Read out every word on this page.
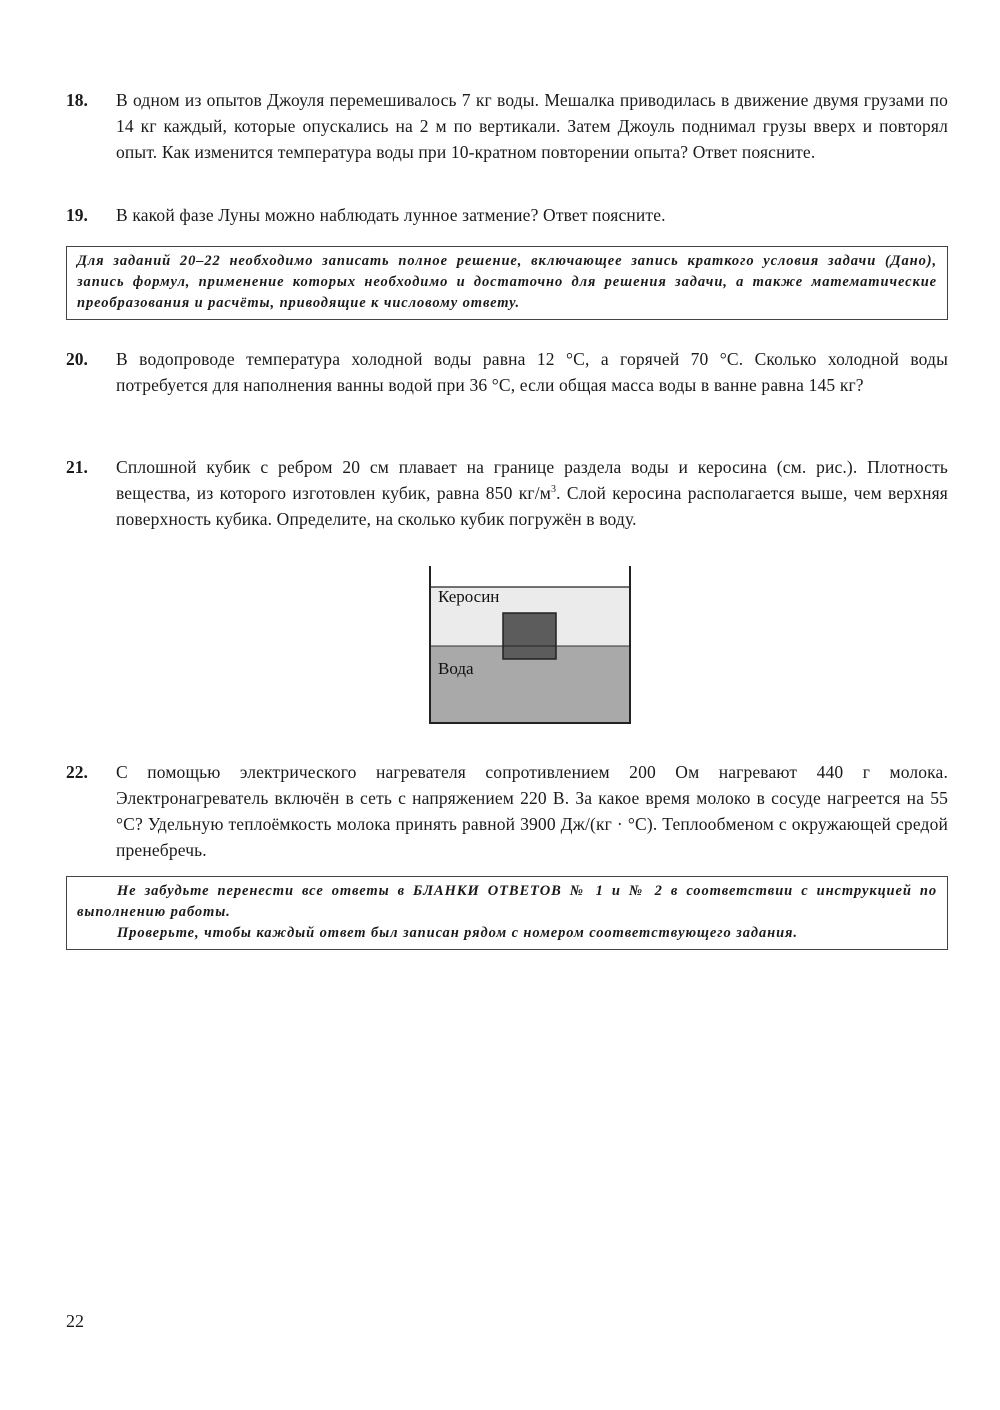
18. В одном из опытов Джоуля перемешивалось 7 кг воды. Мешалка приводилась в движение двумя грузами по 14 кг каждый, которые опускались на 2 м по вертикали. Затем Джоуль поднимал грузы вверх и повторял опыт. Как изменится температура воды при 10-кратном повторении опыта? Ответ поясните.
19. В какой фазе Луны можно наблюдать лунное затмение? Ответ поясните.

Для заданий 20–22 необходимо записать полное решение, включающее запись краткого условия задачи (Дано), запись формул, применение которых необходимо и достаточно для решения задачи, а также математические преобразования и расчёты, приводящие к числовому ответу.

20. В водопроводе температура холодной воды равна 12 °С, а горячей 70 °С. Сколько холодной воды потребуется для наполнения ванны водой при 36 °С, если общая масса воды в ванне равна 145 кг?
21. Сплошной кубик с ребром 20 см плавает на границе раздела воды и керосина (см. рис.). Плотность вещества, из которого изготовлен кубик, равна 850 $кг/м^3$. Слой керосина располагается выше, чем верхняя поверхность кубика. Определите, на сколько кубик погружён в воду.
Керосин
Вода
22. С помощью электрического нагревателя сопротивлением 200 Ом нагревают 440 г молока. Электронагреватель включён в сеть с напряжением 220 В. За какое время молоко в сосуде нагреется на 55 °С? Удельную теплоёмкость молока принять равной 3900 Дж/(кг · °С). Теплообменом с окружающей средой пренебречь.

Не забудьте перенести все ответы в БЛАНКИ ОТВЕТОВ № 1 и № 2 в соответствии с инструкцией по выполнению работы.

Проверьте, чтобы каждый ответ был записан рядом с номером соответствующего задания.

22
